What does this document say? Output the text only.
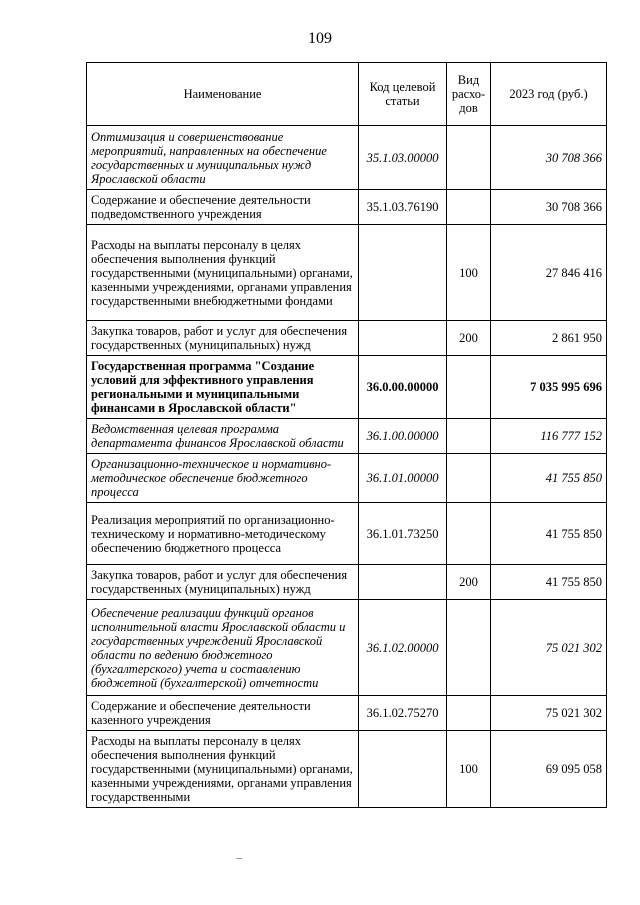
109
Наименование	Код целевой статьи	Вид расхо-дов	2023 год (руб.)
Оптимизация и совершенствование мероприятий, направленных на обеспечение государственных и муниципальных нужд Ярославской области	35.1.03.00000		30 708 366
Содержание и обеспечение деятельности подведомственного учреждения	35.1.03.76190		30 708 366
Расходы на выплаты персоналу в целях обеспечения выполнения функций государственными (муниципальными) органами, казенными учреждениями, органами управления государственными внебюджетными фондами		100	27 846 416
Закупка товаров, работ и услуг для обеспечения государственных (муниципальных) нужд		200	2 861 950
Государственная программа "Создание условий для эффективного управления региональными и муниципальными финансами в Ярославской области"	36.0.00.00000		7 035 995 696
Ведомственная целевая программа департамента финансов Ярославской области	36.1.00.00000		116 777 152
Организационно-техническое и нормативно-методическое обеспечение бюджетного процесса	36.1.01.00000		41 755 850
Реализация мероприятий по организационно-техническому и нормативно-методическому обеспечению бюджетного процесса	36.1.01.73250		41 755 850
Закупка товаров, работ и услуг для обеспечения государственных (муниципальных) нужд		200	41 755 850
Обеспечение реализации функций органов исполнительной власти Ярославской области и государственных учреждений Ярославской области по ведению бюджетного (бухгалтерского) учета и составлению бюджетной (бухгалтерской) отчетности	36.1.02.00000		75 021 302
Содержание и обеспечение деятельности казенного учреждения	36.1.02.75270		75 021 302
Расходы на выплаты персоналу в целях обеспечения выполнения функций государственными (муниципальными) органами, казенными учреждениями, органами управления государственными		100	69 095 058
